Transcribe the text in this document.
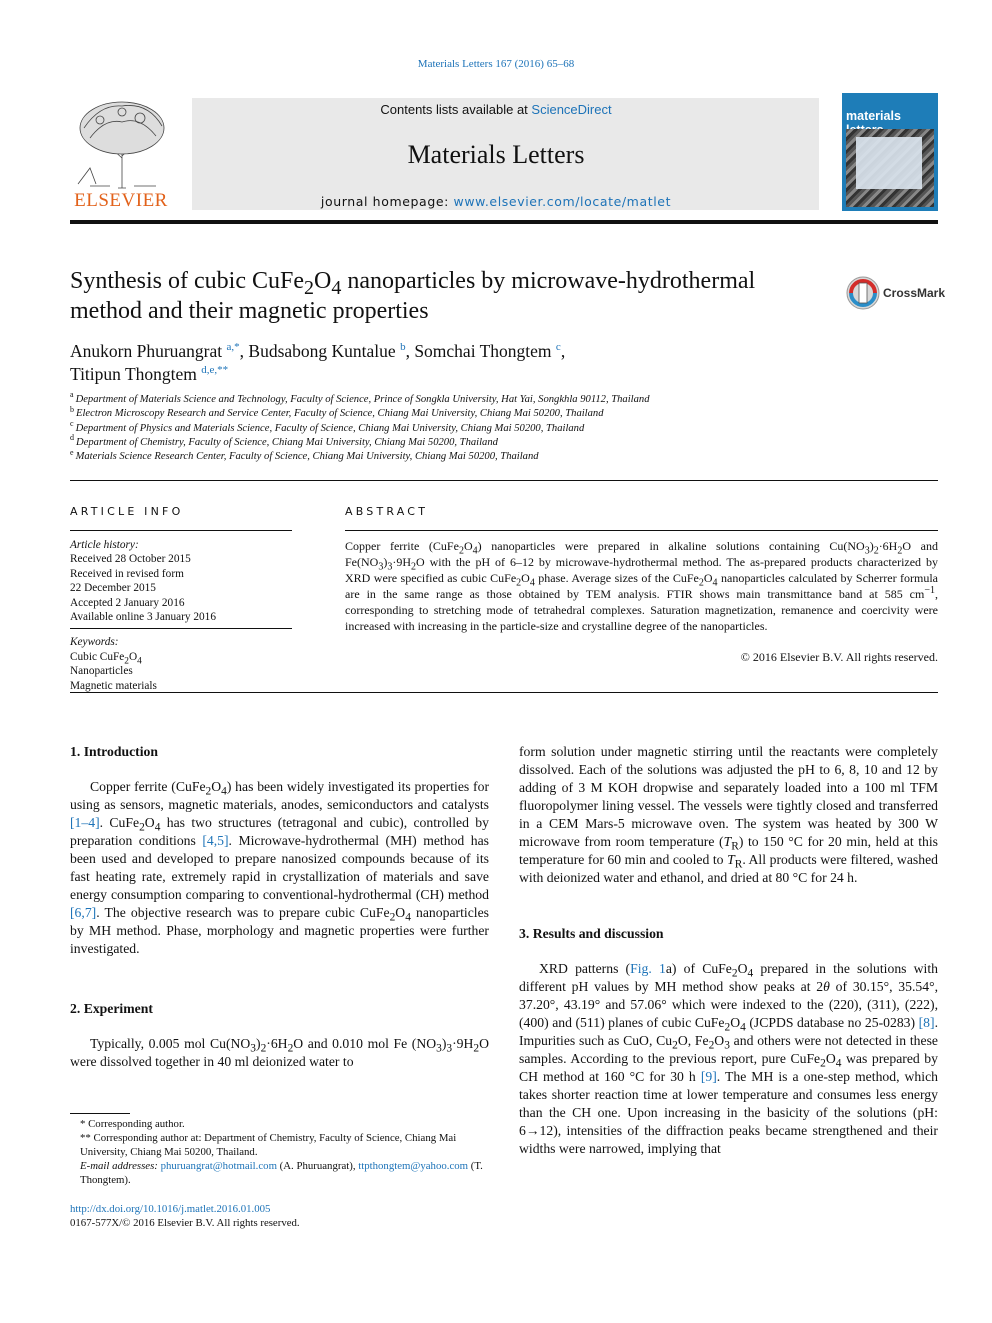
Materials Letters 167 (2016) 65–68
ELSEVIER
Contents lists available at ScienceDirect
Materials Letters
journal homepage: www.elsevier.com/locate/matlet
materials
Synthesis of cubic $CuFe_2O_4$ nanoparticles by microwave-hydrothermal method and their magnetic properties
CrossMark
Anukorn Phuruangrat $^{a,*}$, Budsabong Kuntalue $^b$, Somchai Thongtem $^c$,
Titipun Thongtem $^{d,e,**}$
$^a$ Department of Materials Science and Technology, Faculty of Science, Prince of Songkla University, Hat Yai, Songkhla 90112, Thailand
$^b$ Electron Microscopy Research and Service Center, Faculty of Science, Chiang Mai University, Chiang Mai 50200, Thailand
$^c$ Department of Physics and Materials Science, Faculty of Science, Chiang Mai University, Chiang Mai 50200, Thailand
$^d$ Department of Chemistry, Faculty of Science, Chiang Mai University, Chiang Mai 50200, Thailand
$^e$ Materials Science Research Center, Faculty of Science, Chiang Mai University, Chiang Mai 50200, Thailand
ARTICLE INFO	ABSTRACT
Article history:
Received 28 October 2015
Received in revised form
22 December 2015
Accepted 2 January 2016
Available online 3 January 2016
Keywords:
Cubic $CuFe_2O_4$
Nanoparticles
Magnetic materials
Copper ferrite $(CuFe_2O_4)$ nanoparticles were prepared in alkaline solutions containing $Cu(NO_3)_2\cdot 6H_2O$ and $Fe(NO_3)_3\cdot 9H_2O$ with the pH of 6–12 by microwave-hydrothermal method. The as-prepared products characterized by XRD were specified as cubic $CuFe_2O_4$ phase. Average sizes of the $CuFe_2O_4$ nanoparticles calculated by Scherrer formula are in the same range as those obtained by TEM analysis. FTIR shows main transmittance band at 585 $cm^{-1}$, corresponding to stretching mode of tetrahedral complexes. Saturation magnetization, remanence and coercivity were increased with increasing in the particle-size and crystalline degree of the nanoparticles.
© 2016 Elsevier B.V. All rights reserved.
1. Introduction

Copper ferrite $(CuFe_2O_4)$ has been widely investigated its properties for using as sensors, magnetic materials, anodes, semiconductors and catalysts [1–4]. $CuFe_2O_4$ has two structures (tetragonal and cubic), controlled by preparation conditions [4,5]. Microwave-hydrothermal (MH) method has been used and developed to prepare nanosized compounds because of its fast heating rate, extremely rapid in crystallization of materials and save energy consumption comparing to conventional-hydrothermal (CH) method [6,7]. The objective research was to prepare cubic $CuFe_2O_4$ nanoparticles by MH method. Phase, morphology and magnetic properties were further investigated.

2. Experiment

Typically, 0.005 mol $Cu(NO_3)_2\cdot 6H_2O$ and 0.010 mol Fe $(NO_3)_3\cdot 9H_2O$ were dissolved together in 40 ml deionized water to

form solution under magnetic stirring until the reactants were completely dissolved. Each of the solutions was adjusted the pH to 6, 8, 10 and 12 by adding of 3 M KOH dropwise and separately loaded into a 100 ml TFM fluoropolymer lining vessel. The vessels were tightly closed and transferred in a CEM Mars-5 microwave oven. The system was heated by 300 W microwave from room temperature $(T_R)$ to 150 °C for 20 min, held at this temperature for 60 min and cooled to $T_R$. All products were filtered, washed with deionized water and ethanol, and dried at 80 °C for 24 h.

3. Results and discussion

XRD patterns (Fig. 1a) of $CuFe_2O_4$ prepared in the solutions with different pH values by MH method show peaks at 2θ of 30.15°, 35.54°, 37.20°, 43.19° and 57.06° which were indexed to the (220), (311), (222), (400) and (511) planes of cubic $CuFe_2O_4$ (JCPDS database no 25-0283) [8]. Impurities such as CuO, $Cu_2O$, $Fe_2O_3$ and others were not detected in these samples. According to the previous report, pure $CuFe_2O_4$ was prepared by CH method at 160 °C for 30 h [9]. The MH is a one-step method, which takes shorter reaction time at lower temperature and consumes less energy than the CH one. Upon increasing in the basicity of the solutions (pH: 6→12), intensities of the diffraction peaks became strengthened and their widths were narrowed, implying that

* Corresponding author.
** Corresponding author at: Department of Chemistry, Faculty of Science, Chiang Mai University, Chiang Mai 50200, Thailand.
E-mail addresses: phuruangrat@hotmail.com (A. Phuruangrat), ttpthongtem@yahoo.com (T. Thongtem).
http://dx.doi.org/10.1016/j.matlet.2016.01.005
0167-577X/© 2016 Elsevier B.V. All rights reserved.
